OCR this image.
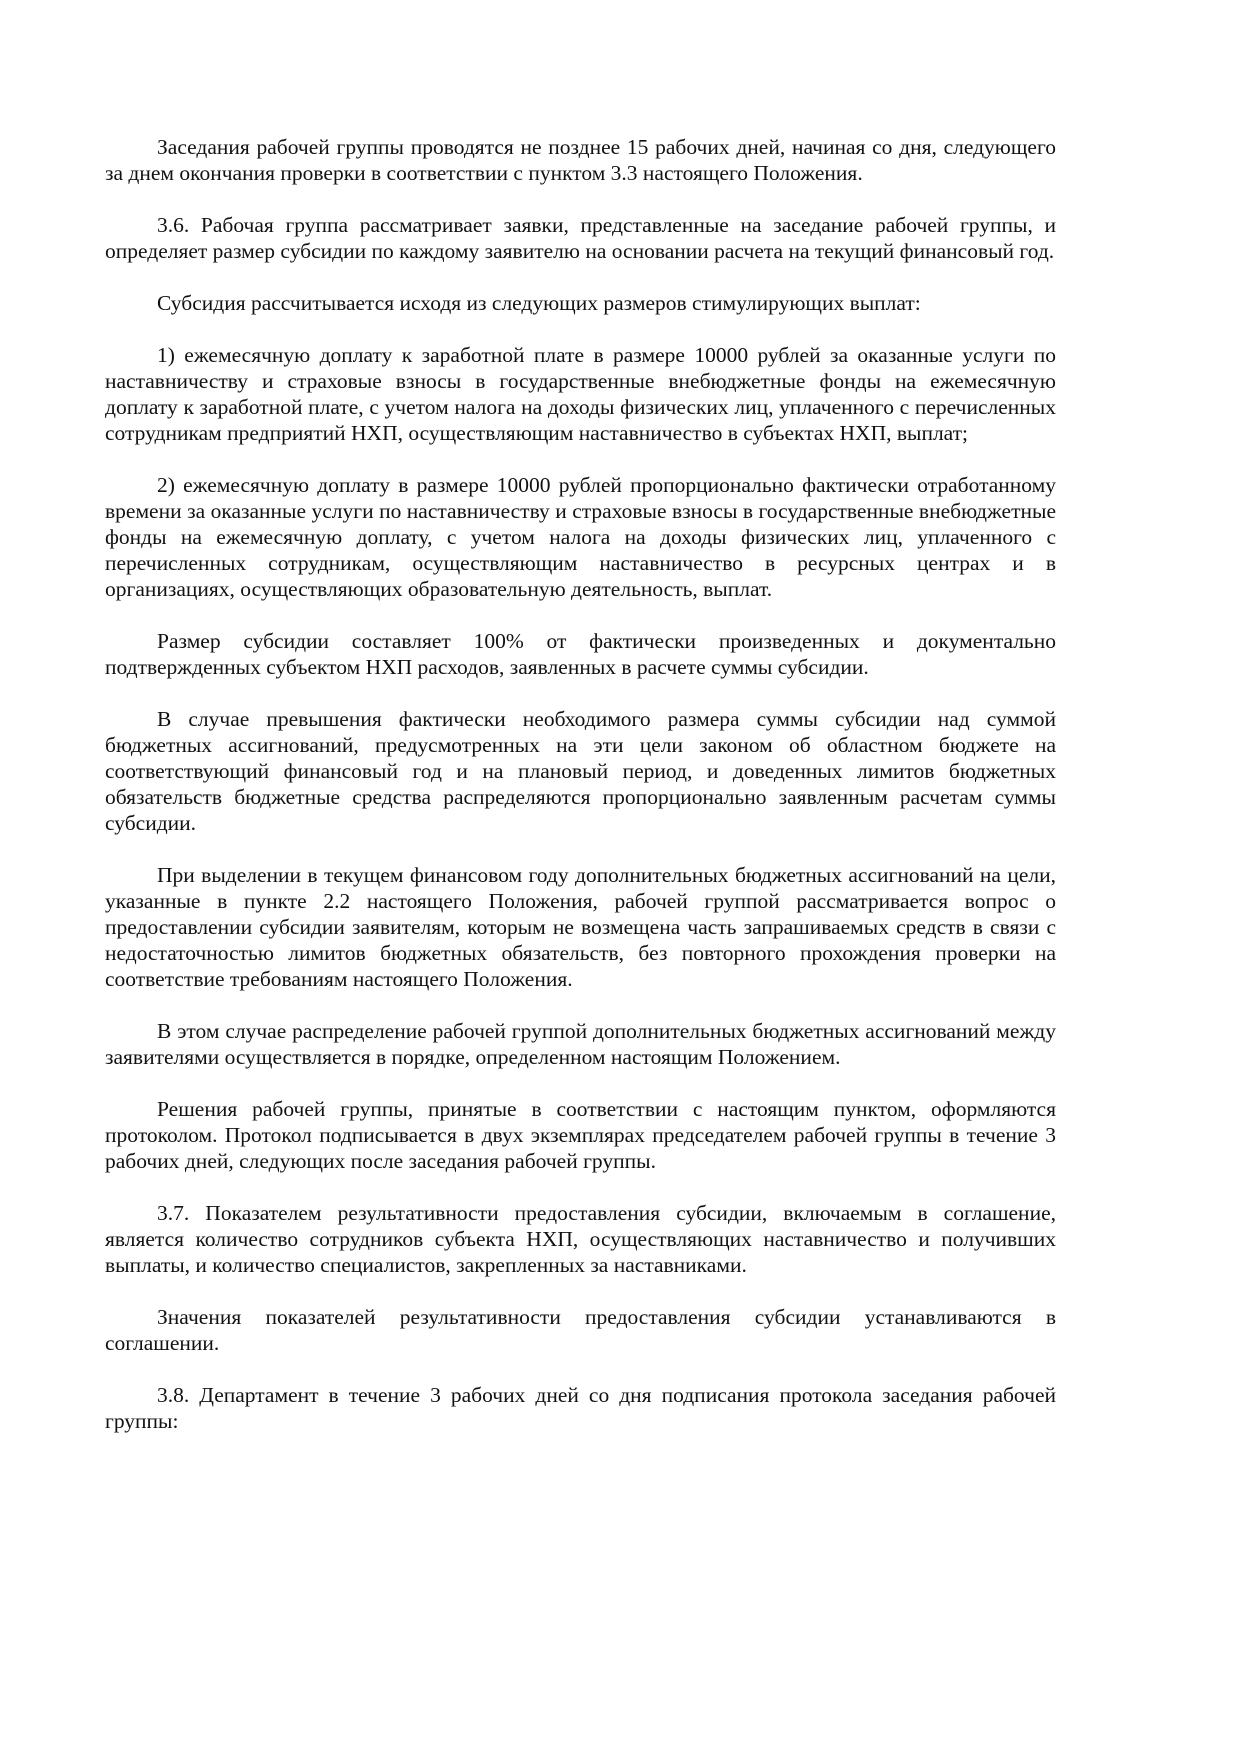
Заседания рабочей группы проводятся не позднее 15 рабочих дней, начиная со дня, следующего за днем окончания проверки в соответствии с пунктом 3.3 настоящего Положения.

3.6. Рабочая группа рассматривает заявки, представленные на заседание рабочей группы, и определяет размер субсидии по каждому заявителю на основании расчета на текущий финансовый год.

Субсидия рассчитывается исходя из следующих размеров стимулирующих выплат:

1) ежемесячную доплату к заработной плате в размере 10000 рублей за оказанные услуги по наставничеству и страховые взносы в государственные внебюджетные фонды на ежемесячную доплату к заработной плате, с учетом налога на доходы физических лиц, уплаченного с перечисленных сотрудникам предприятий НХП, осуществляющим наставничество в субъектах НХП, выплат;

2) ежемесячную доплату в размере 10000 рублей пропорционально фактически отработанному времени за оказанные услуги по наставничеству и страховые взносы в государственные внебюджетные фонды на ежемесячную доплату, с учетом налога на доходы физических лиц, уплаченного с перечисленных сотрудникам, осуществляющим наставничество в ресурсных центрах и в организациях, осуществляющих образовательную деятельность, выплат.

Размер субсидии составляет 100% от фактически произведенных и документально подтвержденных субъектом НХП расходов, заявленных в расчете суммы субсидии.

В случае превышения фактически необходимого размера суммы субсидии над суммой бюджетных ассигнований, предусмотренных на эти цели законом об областном бюджете на соответствующий финансовый год и на плановый период, и доведенных лимитов бюджетных обязательств бюджетные средства распределяются пропорционально заявленным расчетам суммы субсидии.

При выделении в текущем финансовом году дополнительных бюджетных ассигнований на цели, указанные в пункте 2.2 настоящего Положения, рабочей группой рассматривается вопрос о предоставлении субсидии заявителям, которым не возмещена часть запрашиваемых средств в связи с недостаточностью лимитов бюджетных обязательств, без повторного прохождения проверки на соответствие требованиям настоящего Положения.

В этом случае распределение рабочей группой дополнительных бюджетных ассигнований между заявителями осуществляется в порядке, определенном настоящим Положением.

Решения рабочей группы, принятые в соответствии с настоящим пунктом, оформляются протоколом. Протокол подписывается в двух экземплярах председателем рабочей группы в течение 3 рабочих дней, следующих после заседания рабочей группы.

3.7. Показателем результативности предоставления субсидии, включаемым в соглашение, является количество сотрудников субъекта НХП, осуществляющих наставничество и получивших выплаты, и количество специалистов, закрепленных за наставниками.

Значения показателей результативности предоставления субсидии устанавливаются в соглашении.

3.8. Департамент в течение 3 рабочих дней со дня подписания протокола заседания рабочей группы:
